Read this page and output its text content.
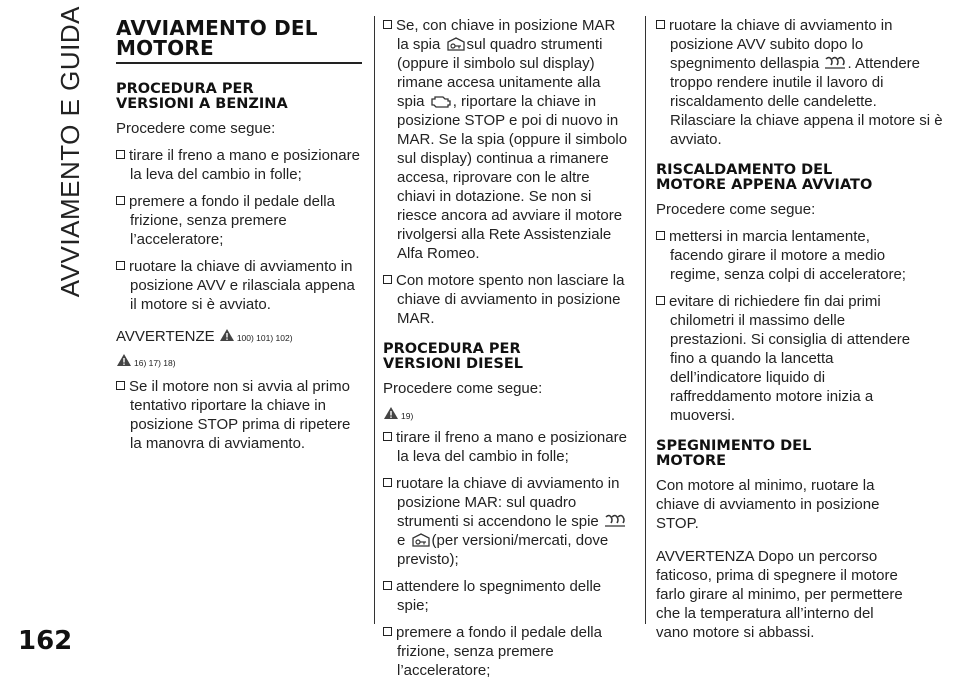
AVVIAMENTO E GUIDA
162
AVVIAMENTO DEL MOTORE
PROCEDURA PER VERSIONI A BENZINA

Procedere come segue:

tirare il freno a mano e posizionare la leva del cambio in folle;

premere a fondo il pedale della frizione, senza premere l’acceleratore;

ruotare la chiave di avviamento in posizione AVV e rilasciala appena il motore si è avviato.

AVVERTENZE	100) 101) 102)
16) 17) 18)

Se il motore non si avvia al primo tentativo riportare la chiave in posizione STOP prima di ripetere la manovra di avviamento.

Se, con chiave in posizione MAR la spia sul quadro strumenti (oppure il simbolo sul display) rimane accesa unitamente alla spia , riportare la chiave in posizione STOP e poi di nuovo in MAR. Se la spia (oppure il simbolo sul display) continua a rimanere accesa, riprovare con le altre chiavi in dotazione. Se non si riesce ancora ad avviare il motore rivolgersi alla Rete Assistenziale Alfa Romeo.

Con motore spento non lasciare la chiave di avviamento in posizione MAR.

PROCEDURA PER VERSIONI DIESEL

Procedere come segue:

19)

tirare il freno a mano e posizionare la leva del cambio in folle;

ruotare la chiave di avviamento in posizione MAR: sul quadro strumenti si accendono le spie e (per versioni/mercati, dove previsto);

attendere lo spegnimento delle spie;

premere a fondo il pedale della frizione, senza premere l’acceleratore;

ruotare la chiave di avviamento in posizione AVV subito dopo lo spegnimento dellaspia . Attendere troppo rendere inutile il lavoro di riscaldamento delle candelette. Rilasciare la chiave appena il motore si è avviato.

RISCALDAMENTO DEL MOTORE APPENA AVVIATO

Procedere come segue:

mettersi in marcia lentamente, facendo girare il motore a medio regime, senza colpi di acceleratore;

evitare di richiedere fin dai primi chilometri il massimo delle prestazioni. Si consiglia di attendere fino a quando la lancetta dell’indicatore liquido di raffreddamento motore inizia a muoversi.

SPEGNIMENTO DEL MOTORE

Con motore al minimo, ruotare la chiave di avviamento in posizione STOP.

AVVERTENZA Dopo un percorso faticoso, prima di spegnere il motore farlo girare al minimo, per permettere che la temperatura all’interno del vano motore si abbassi.
